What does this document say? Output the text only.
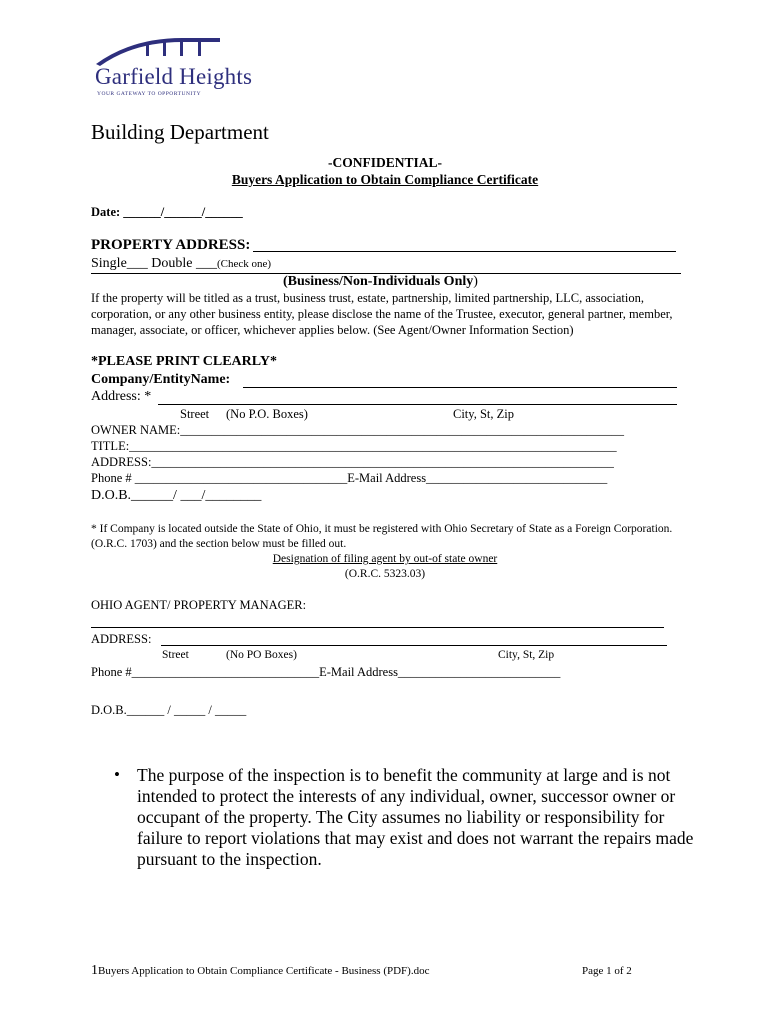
Garfield Heights
YOUR GATEWAY TO OPPORTUNITY
Building Department
-CONFIDENTIAL-
Buyers Application to Obtain Compliance Certificate
Date: ______/______/______
PROPERTY ADDRESS:
Single___ Double ___(Check one)
(Business/Non-Individuals Only)
If the property will be titled as a trust, business trust, estate, partnership, limited partnership, LLC, association, corporation, or any other business entity, please disclose the name of the Trustee, executor, general partner, member, manager, associate, or officer, whichever applies below. (See Agent/Owner Information Section)
*PLEASE PRINT CLEARLY*
Company/EntityName:
Address: *
Street (No P.O. Boxes)	City, St, Zip
OWNER NAME:_______________________________________________________________________
TITLE:______________________________________________________________________________
ADDRESS:__________________________________________________________________________
Phone # __________________________________E-Mail Address_____________________________
D.O.B.______/ ___/________
* If Company is located outside the State of Ohio, it must be registered with Ohio Secretary of State as a Foreign Corporation. (O.R.C. 1703) and the section below must be filled out.
Designation of filing agent by out-of state owner
(O.R.C. 5323.03)
OHIO AGENT/ PROPERTY MANAGER:
ADDRESS:
Street	(No PO Boxes)	City, St, Zip
Phone #______________________________E-Mail Address__________________________
D.O.B.______ / _____ / _____
• The purpose of the inspection is to benefit the community at large and is not intended to protect the interests of any individual, owner, successor owner or occupant of the property. The City assumes no liability or responsibility for failure to report violations that may exist and does not warrant the repairs made pursuant to the inspection.
1Buyers Application to Obtain Compliance Certificate - Business (PDF).doc	Page 1 of 2
